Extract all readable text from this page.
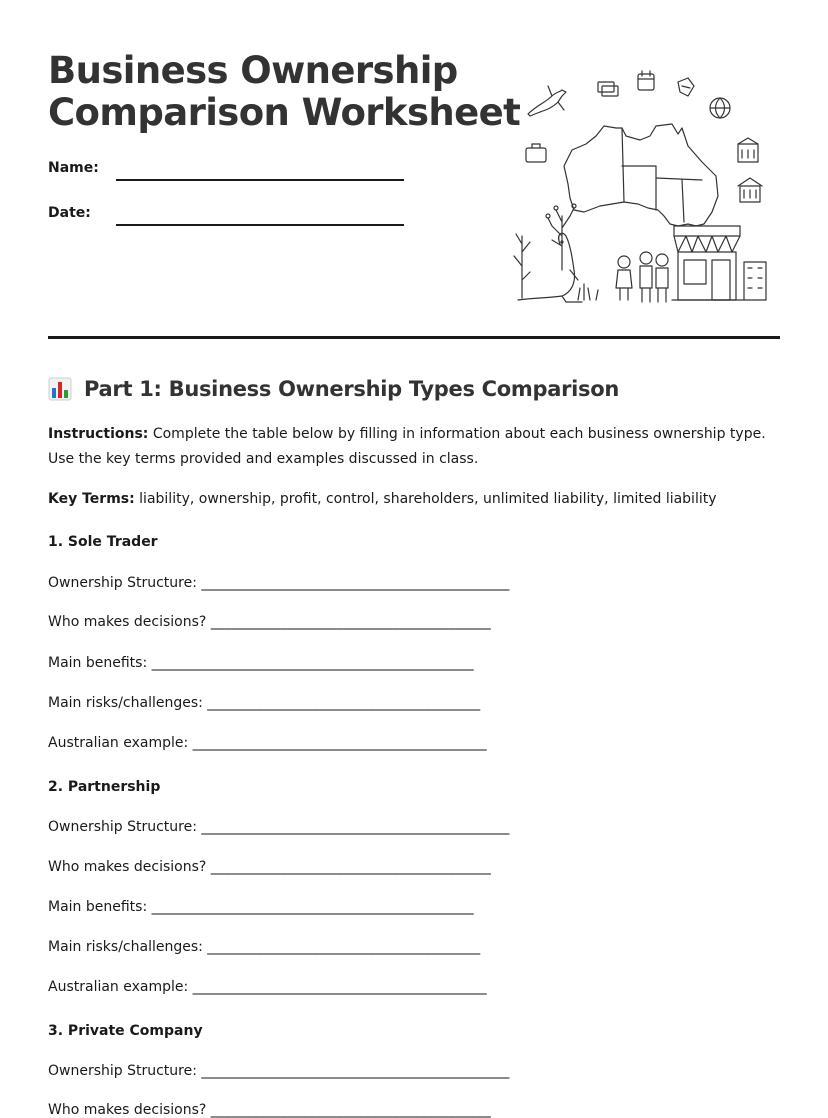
Business Ownership
Comparison Worksheet
Name:
Date:
Part 1: Business Ownership Types Comparison

Instructions: Complete the table below by filling in information about each business ownership type. Use the key terms provided and examples discussed in class.

Key Terms: liability, ownership, profit, control, shareholders, unlimited liability, limited liability

1. Sole Trader

Ownership Structure: ____________________________________________

Who makes decisions? ________________________________________

Main benefits: ______________________________________________

Main risks/challenges: _______________________________________

Australian example: __________________________________________

2. Partnership

Ownership Structure: ____________________________________________

Who makes decisions? ________________________________________

Main benefits: ______________________________________________

Main risks/challenges: _______________________________________

Australian example: __________________________________________

3. Private Company

Ownership Structure: ____________________________________________

Who makes decisions? ________________________________________
